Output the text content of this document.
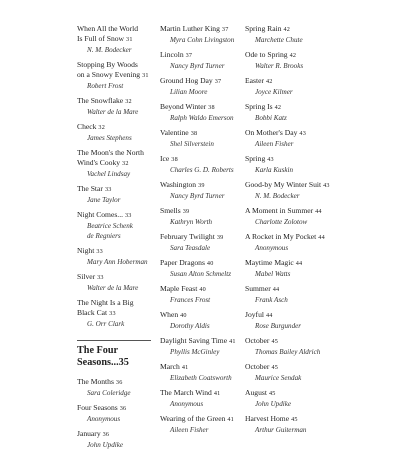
When All the World
Is Full of Snow 31
N. M. Bodecker
Stopping By Woods
on a Snowy Evening 31
Robert Frost
The Snowflake 32
Walter de la Mare
Check 32
James Stephens
The Moon's the North
Wind's Cooky 32
Vachel Lindsay
The Star 33
Jane Taylor
Night Comes... 33
Beatrice Schenk
de Regniers
Night 33
Mary Ann Hoberman
Silver 33
Walter de la Mare
The Night Is a Big
Black Cat 33
G. Orr Clark
The Four
Seasons...35
The Months 36
Sara Coleridge
Four Seasons 36
Anonymous
January 36
John Updike
Martin Luther King 37
Myra Cohn Livingston
Lincoln 37
Nancy Byrd Turner
Ground Hog Day 37
Lilian Moore
Beyond Winter 38
Ralph Waldo Emerson
Valentine 38
Shel Silverstein
Ice 38
Charles G. D. Roberts
Washington 39
Nancy Byrd Turner
Smells 39
Kathryn Worth
February Twilight 39
Sara Teasdale
Paper Dragons 40
Susan Alton Schmeltz
Maple Feast 40
Frances Frost
When 40
Dorothy Aldis
Daylight Saving Time 41
Phyllis McGinley
March 41
Elizabeth Coatsworth
The March Wind 41
Anonymous
Wearing of the Green 41
Aileen Fisher
Spring Rain 42
Marchette Chute
Ode to Spring 42
Walter R. Brooks
Easter 42
Joyce Kilmer
Spring Is 42
Bobbi Katz
On Mother's Day 43
Aileen Fisher
Spring 43
Karla Kuskin
Good-by My Winter Suit 43
N. M. Bodecker
A Moment in Summer 44
Charlotte Zolotow
A Rocket in My Pocket 44
Anonymous
Maytime Magic 44
Mabel Watts
Summer 44
Frank Asch
Joyful 44
Rose Burgunder
October 45
Thomas Bailey Aldrich
October 45
Maurice Sendak
August 45
John Updike
Harvest Home 45
Arthur Guiterman
